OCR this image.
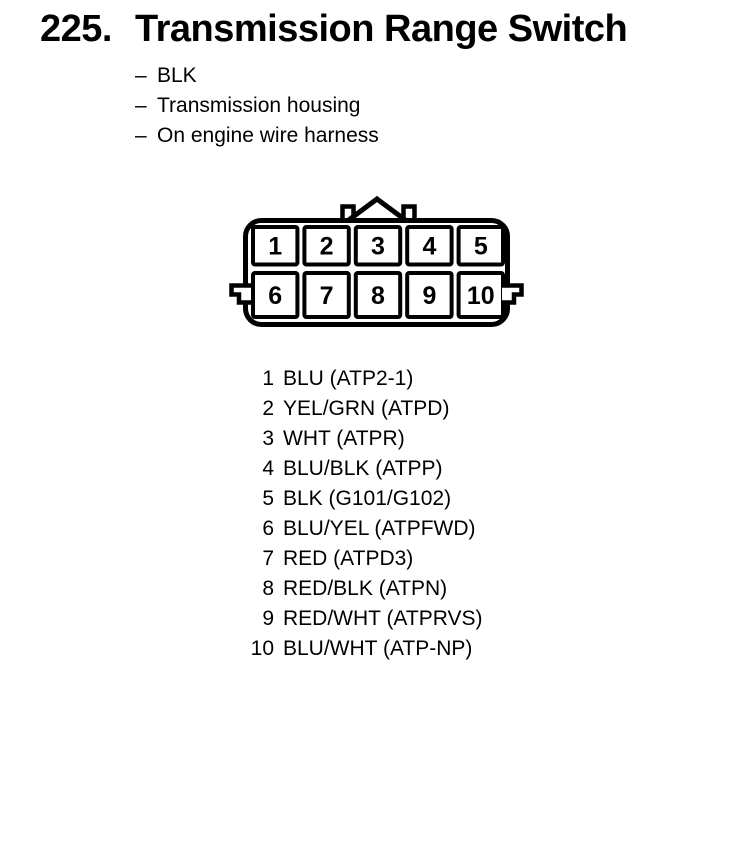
225. Transmission Range Switch
– BLK
– Transmission housing
– On engine wire harness
1 2 3 4 5
6 7 8 9 10
1 BLU (ATP2-1)
2 YEL/GRN (ATPD)
3 WHT (ATPR)
4 BLU/BLK (ATPP)
5 BLK (G101/G102)
6 BLU/YEL (ATPFWD)
7 RED (ATPD3)
8 RED/BLK (ATPN)
9 RED/WHT (ATPRVS)
10 BLU/WHT (ATP-NP)
